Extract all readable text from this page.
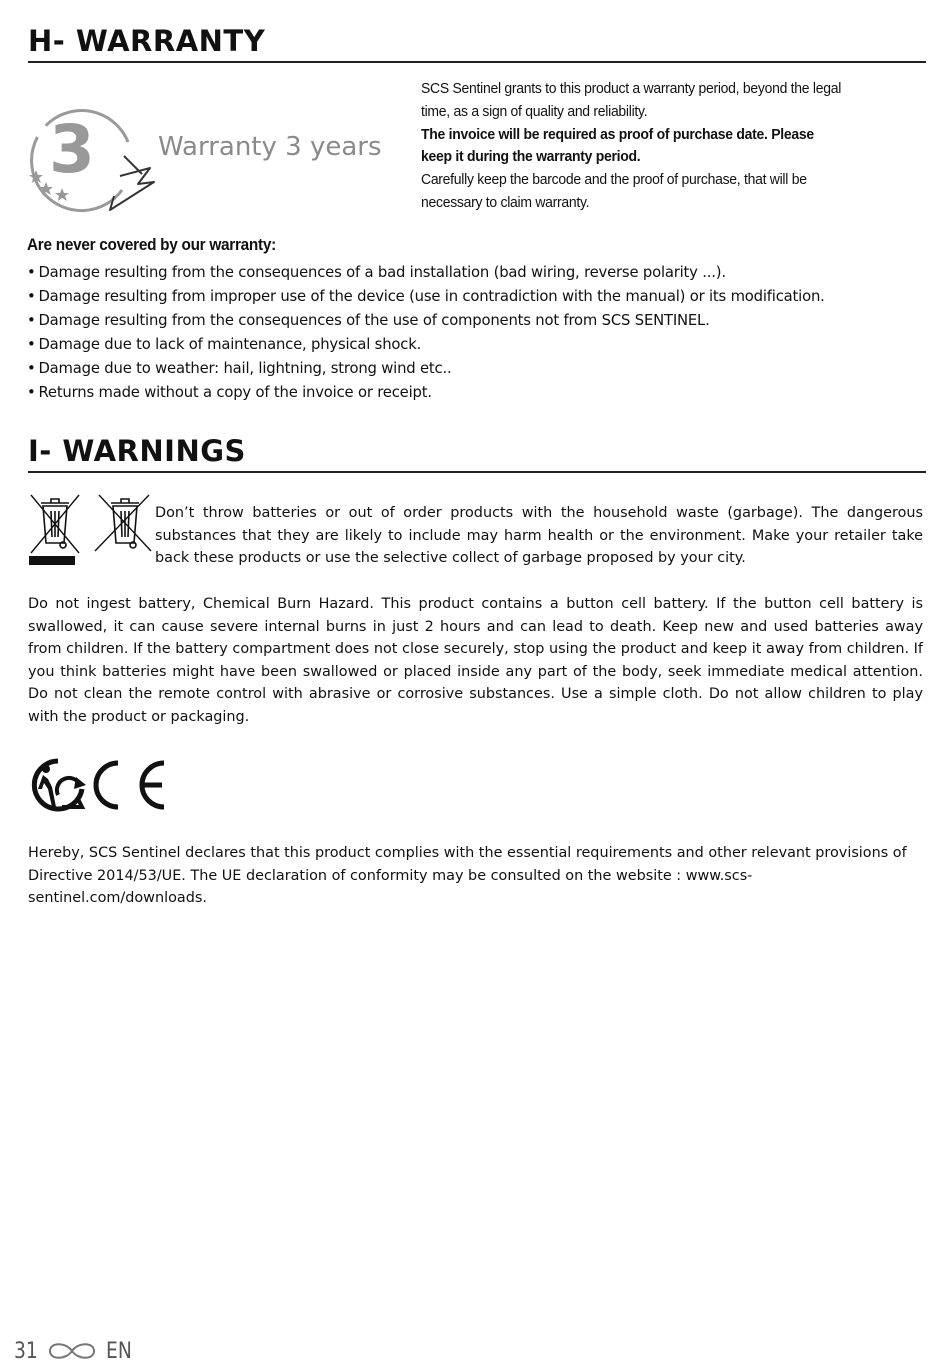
H- WARRANTY
3 Warranty 3 years

SCS Sentinel grants to this product a warranty period, beyond the legal time, as a sign of quality and reliability.

The invoice will be required as proof of purchase date. Please keep it during the warranty period.

Carefully keep the barcode and the proof of purchase, that will be necessary to claim warranty.

Are never covered by our warranty:
• Damage resulting from the consequences of a bad installation (bad wiring, reverse polarity ...).
• Damage resulting from improper use of the device (use in contradiction with the manual) or its modification.
• Damage resulting from the consequences of the use of components not from SCS SENTINEL.
• Damage due to lack of maintenance, physical shock.
• Damage due to weather: hail, lightning, strong wind etc..
• Returns made without a copy of the invoice or receipt.
I- WARNINGS
Don’t throw batteries or out of order products with the household waste (garbage). The dangerous substances that they are likely to include may harm health or the environment. Make your retailer take back these products or use the selective collect of garbage proposed by your city.
Do not ingest battery, Chemical Burn Hazard. This product contains a button cell battery. If the button cell battery is swallowed, it can cause severe internal burns in just 2 hours and can lead to death. Keep new and used batteries away from children. If the battery compartment does not close securely, stop using the product and keep it away from children. If you think batteries might have been swallowed or placed inside any part of the body, seek immediate medical attention. Do not clean the remote control with abrasive or corrosive substances. Use a simple cloth. Do not allow children to play with the product or packaging.
Hereby, SCS Sentinel declares that this product complies with the essential requirements and other relevant provisions of Directive 2014/53/UE. The UE declaration of conformity may be consulted on the website : www.scs-sentinel.com/downloads.
31	EN
